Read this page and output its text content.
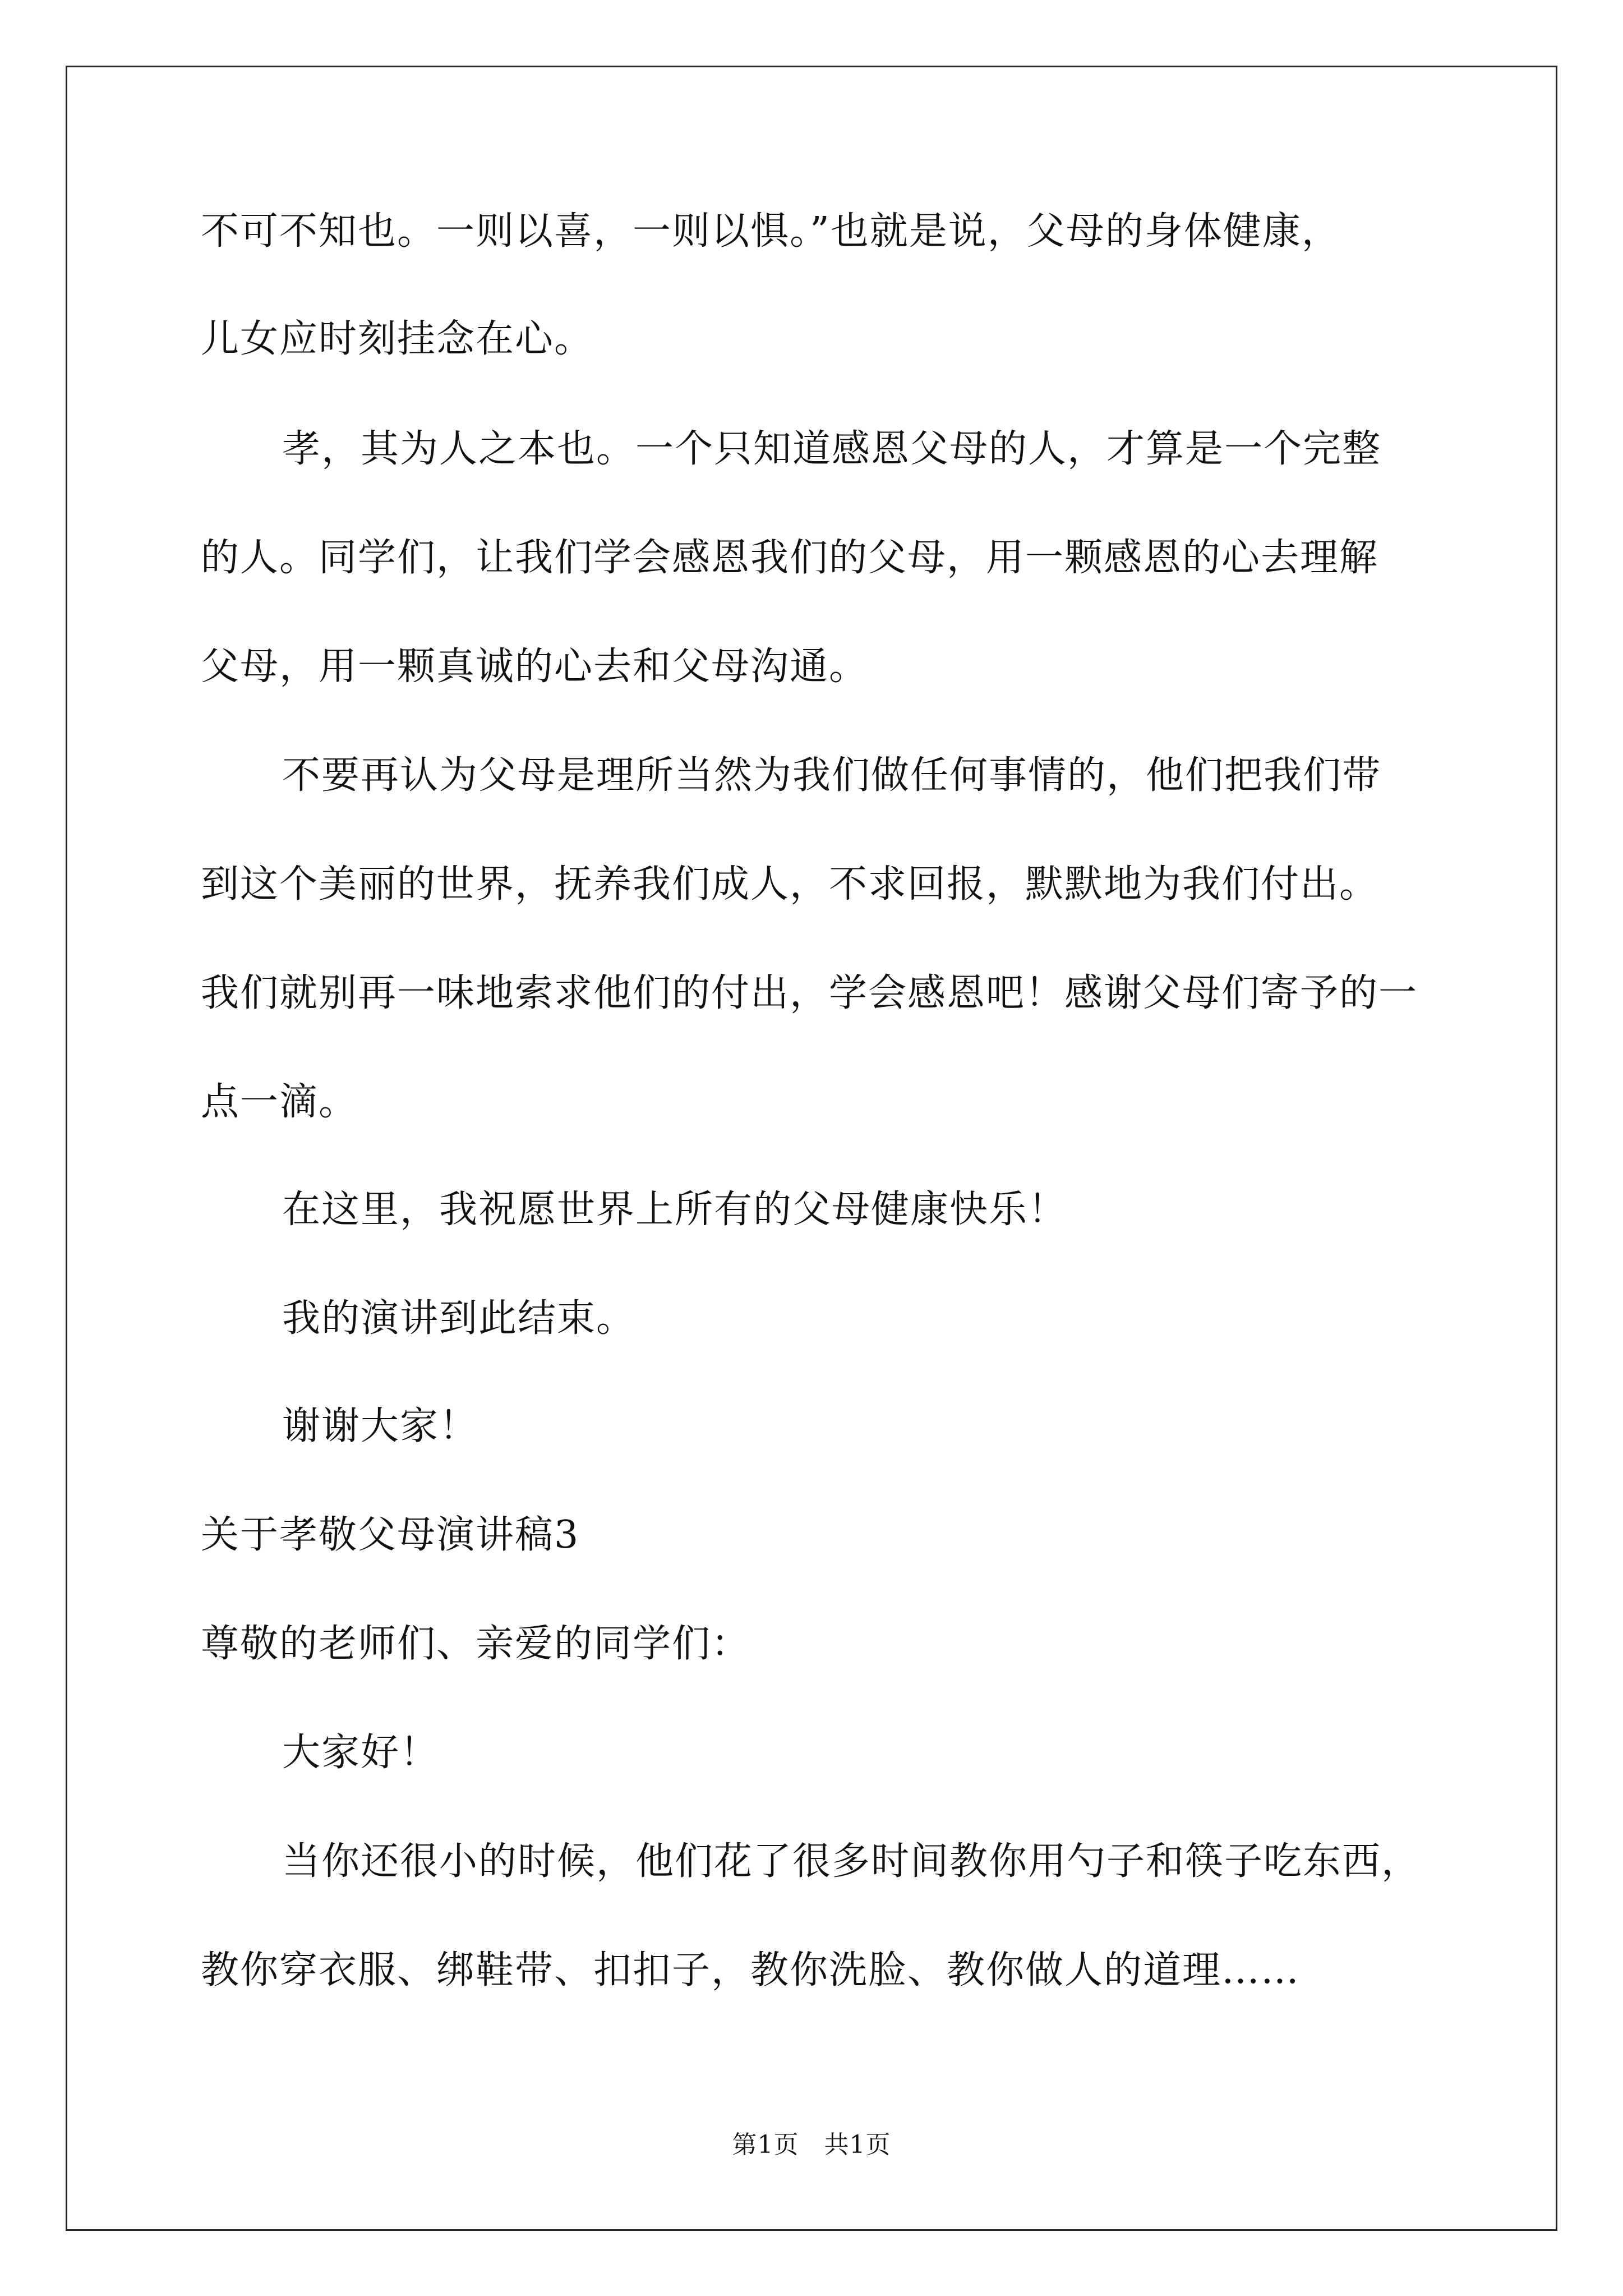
不可不知也。一则以喜，一则以惧。”也就是说，父母的身体健康，
儿女应时刻挂念在心。
孝，其为人之本也。一个只知道感恩父母的人，才算是一个完整
的人。同学们，让我们学会感恩我们的父母，用一颗感恩的心去理解
父母，用一颗真诚的心去和父母沟通。
不要再认为父母是理所当然为我们做任何事情的，他们把我们带
到这个美丽的世界，抚养我们成人，不求回报，默默地为我们付出。
我们就别再一味地索求他们的付出，学会感恩吧！感谢父母们寄予的一
点一滴。
在这里，我祝愿世界上所有的父母健康快乐！
我的演讲到此结束。
谢谢大家！
关于孝敬父母演讲稿3
尊敬的老师们、亲爱的同学们：
大家好！
当你还很小的时候，他们花了很多时间教你用勺子和筷子吃东西，
教你穿衣服、绑鞋带、扣扣子，教你洗脸、教你做人的道理……
第1页　共1页
